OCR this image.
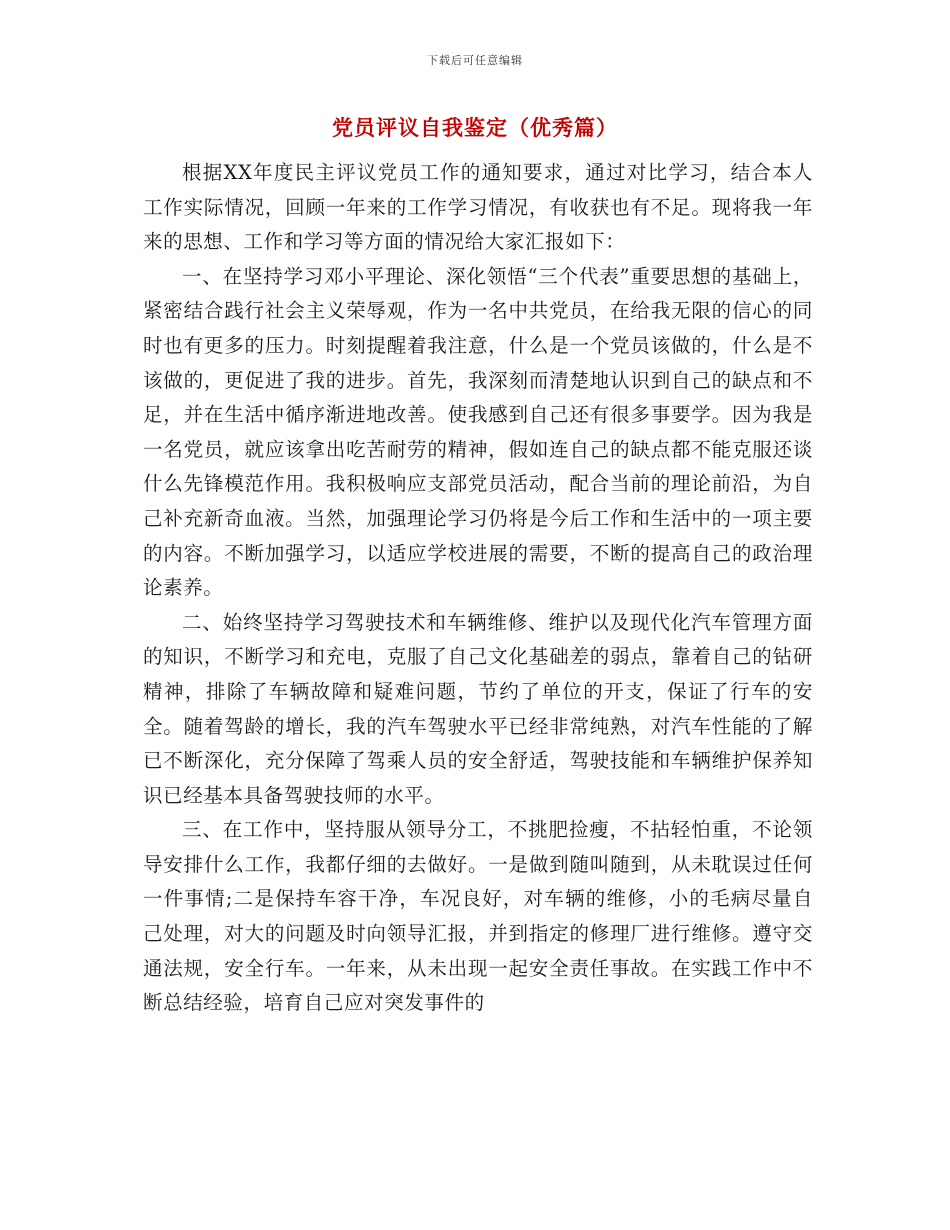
下载后可任意编辑
党员评议自我鉴定（优秀篇）

根据XX年度民主评议党员工作的通知要求，通过对比学习，结合本人工作实际情况，回顾一年来的工作学习情况，有收获也有不足。现将我一年来的思想、工作和学习等方面的情况给大家汇报如下：

一、在坚持学习邓小平理论、深化领悟“三个代表”重要思想的基础上，紧密结合践行社会主义荣辱观，作为一名中共党员，在给我无限的信心的同时也有更多的压力。时刻提醒着我注意，什么是一个党员该做的，什么是不该做的，更促进了我的进步。首先，我深刻而清楚地认识到自己的缺点和不足，并在生活中循序渐进地改善。使我感到自己还有很多事要学。因为我是一名党员，就应该拿出吃苦耐劳的精神，假如连自己的缺点都不能克服还谈什么先锋模范作用。我积极响应支部党员活动，配合当前的理论前沿，为自己补充新奇血液。当然，加强理论学习仍将是今后工作和生活中的一项主要的内容。不断加强学习，以适应学校进展的需要，不断的提高自己的政治理论素养。

二、始终坚持学习驾驶技术和车辆维修、维护以及现代化汽车管理方面的知识，不断学习和充电，克服了自己文化基础差的弱点，靠着自己的钻研精神，排除了车辆故障和疑难问题，节约了单位的开支，保证了行车的安全。随着驾龄的增长，我的汽车驾驶水平已经非常纯熟，对汽车性能的了解已不断深化，充分保障了驾乘人员的安全舒适，驾驶技能和车辆维护保养知识已经基本具备驾驶技师的水平。

三、在工作中，坚持服从领导分工，不挑肥捡瘦，不拈轻怕重，不论领导安排什么工作，我都仔细的去做好。一是做到随叫随到，从未耽误过任何一件事情;二是保持车容干净，车况良好，对车辆的维修，小的毛病尽量自己处理，对大的问题及时向领导汇报，并到指定的修理厂进行维修。遵守交通法规，安全行车。一年来，从未出现一起安全责任事故。在实践工作中不断总结经验，培育自己应对突发事件的
